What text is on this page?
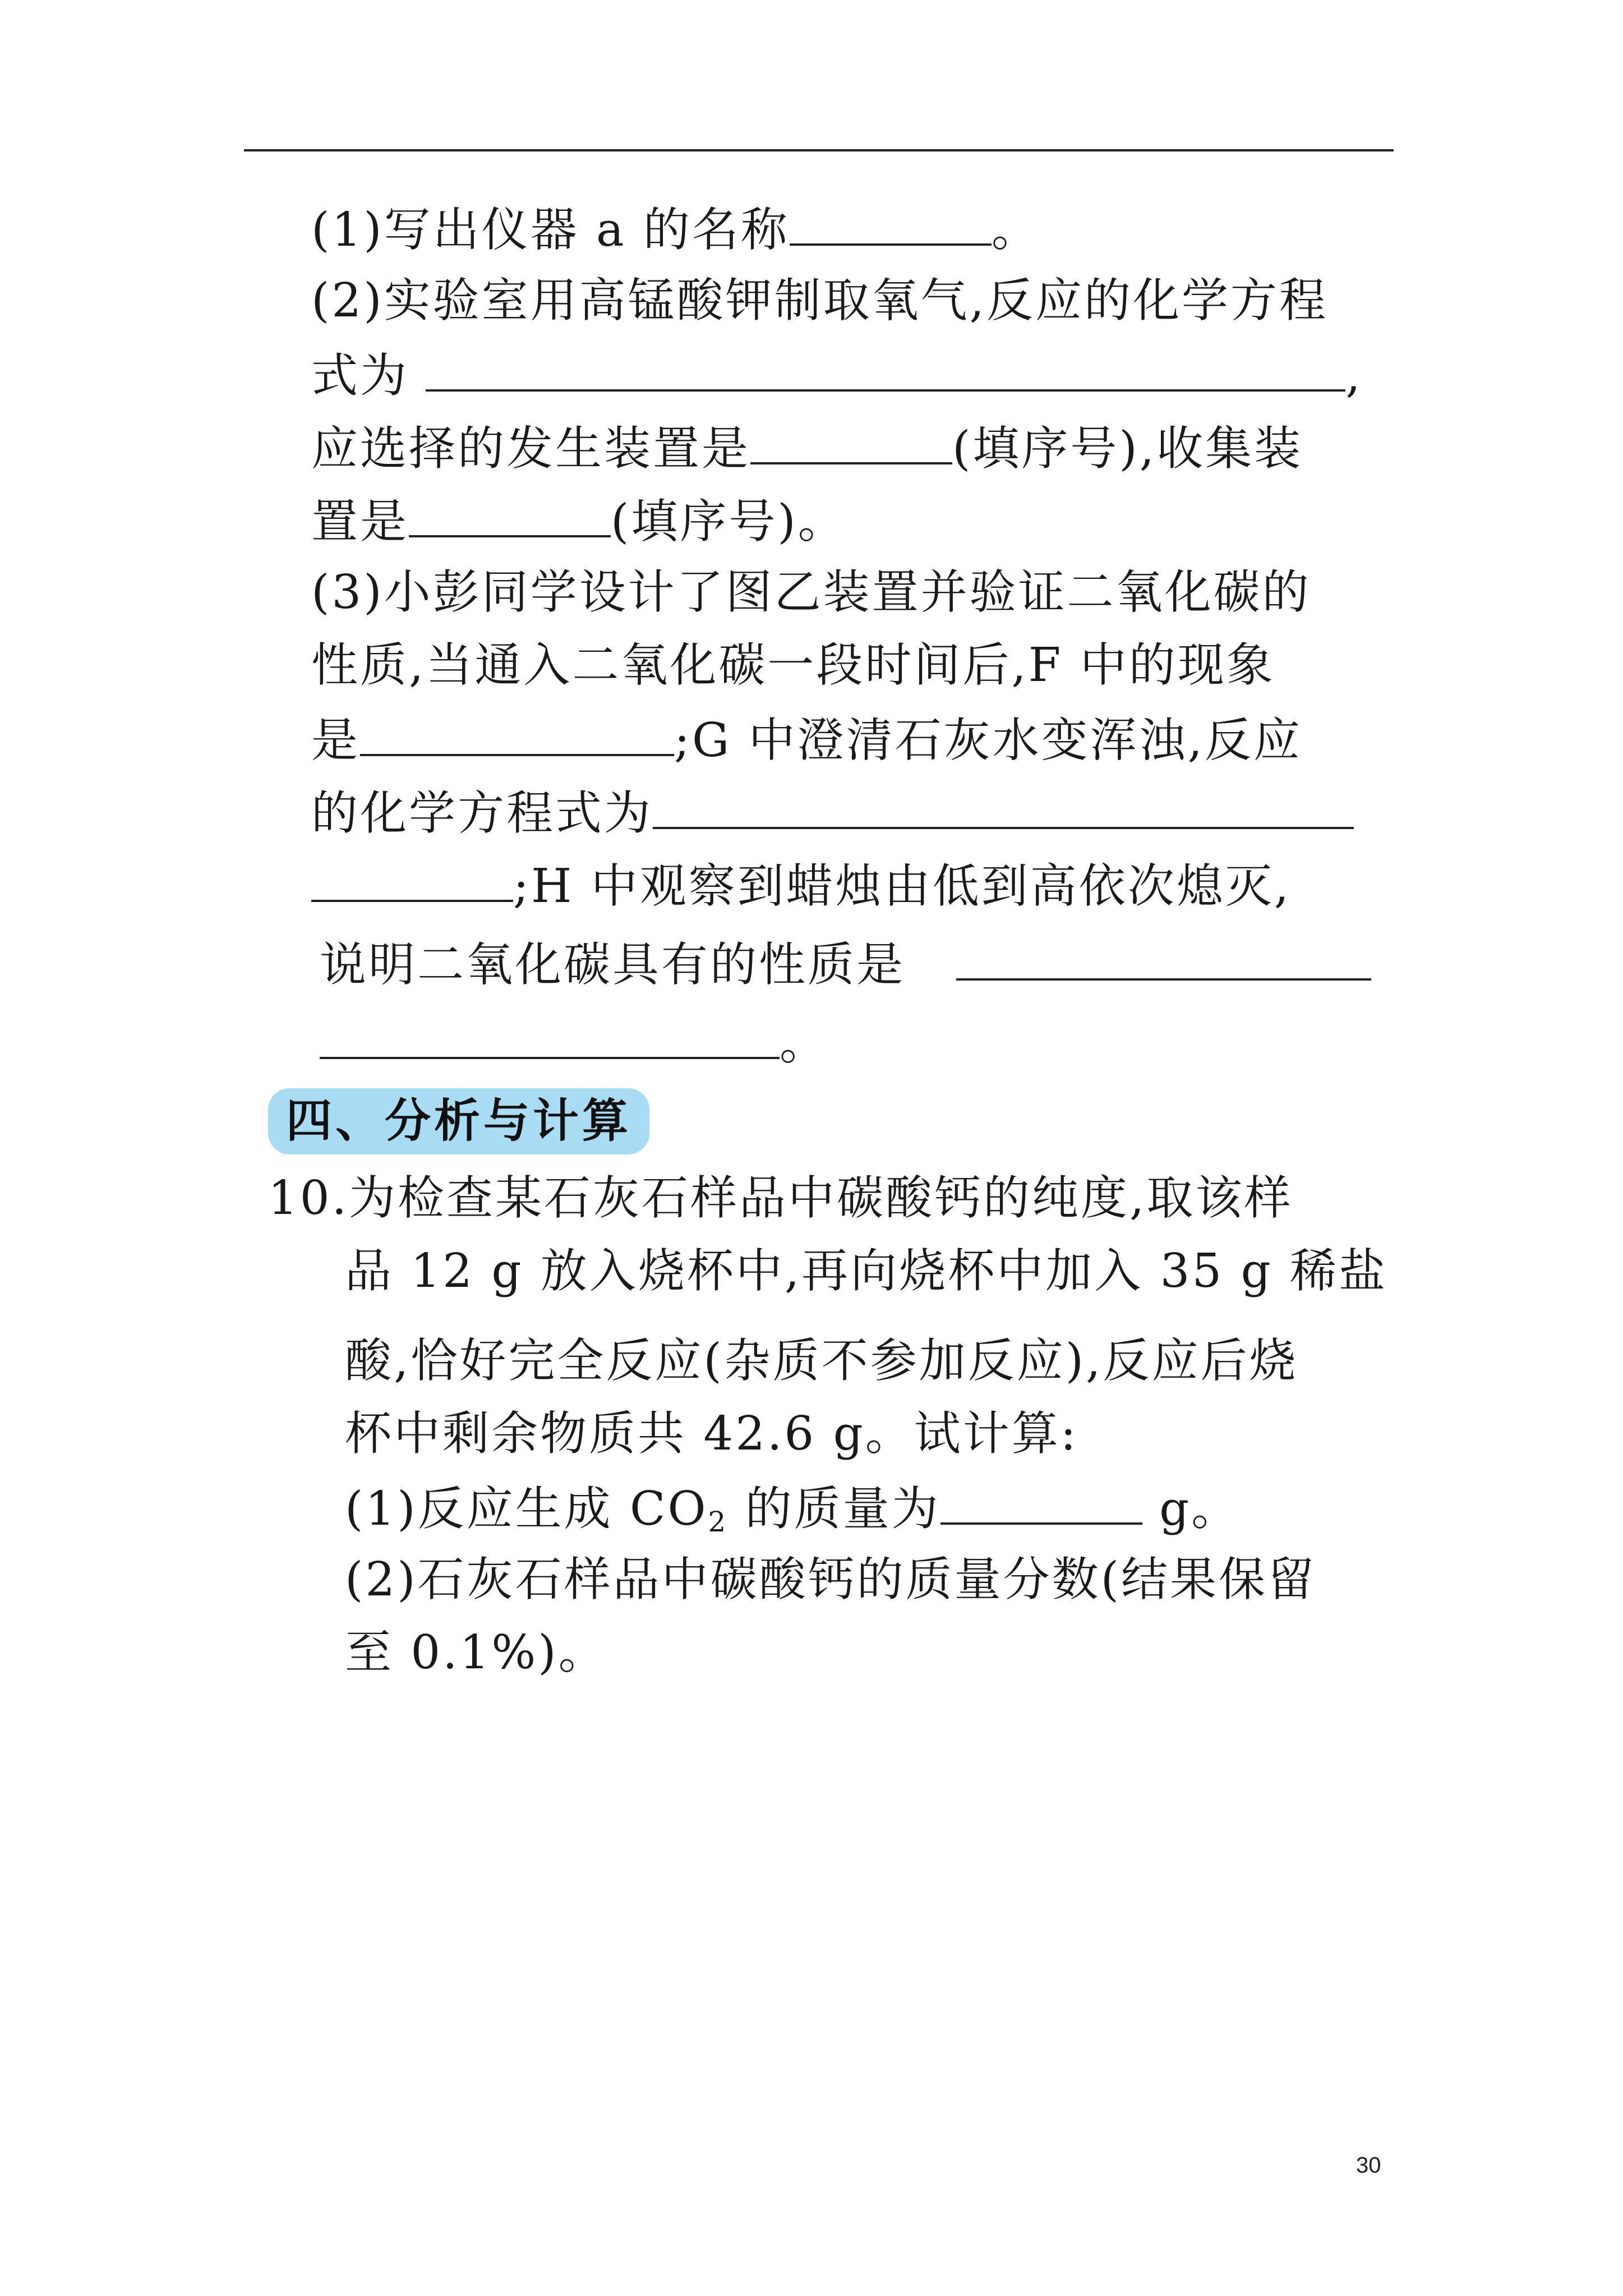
(1)写出仪器 a 的名称	。
(2)实验室用高锰酸钾制取氧气,反应的化学方程
式为	,
应选择的发生装置是	(填序号),收集装
置是	(填序号)。
(3)小彭同学设计了图乙装置并验证二氧化碳的
性质,当通入二氧化碳一段时间后,F 中的现象
是	;G 中澄清石灰水变浑浊,反应
的化学方程式为
;H 中观察到蜡烛由低到高依次熄灭,
说明二氧化碳具有的性质是
。
四、分析与计算
10.为检查某石灰石样品中碳酸钙的纯度,取该样
品 12 g 放入烧杯中,再向烧杯中加入 35 g 稀盐
酸,恰好完全反应(杂质不参加反应),反应后烧
杯中剩余物质共 42.6 g。试计算:
(1)反应生成 $CO_2$ 的质量为	g。
(2)石灰石样品中碳酸钙的质量分数(结果保留
至 0.1%)。
30
